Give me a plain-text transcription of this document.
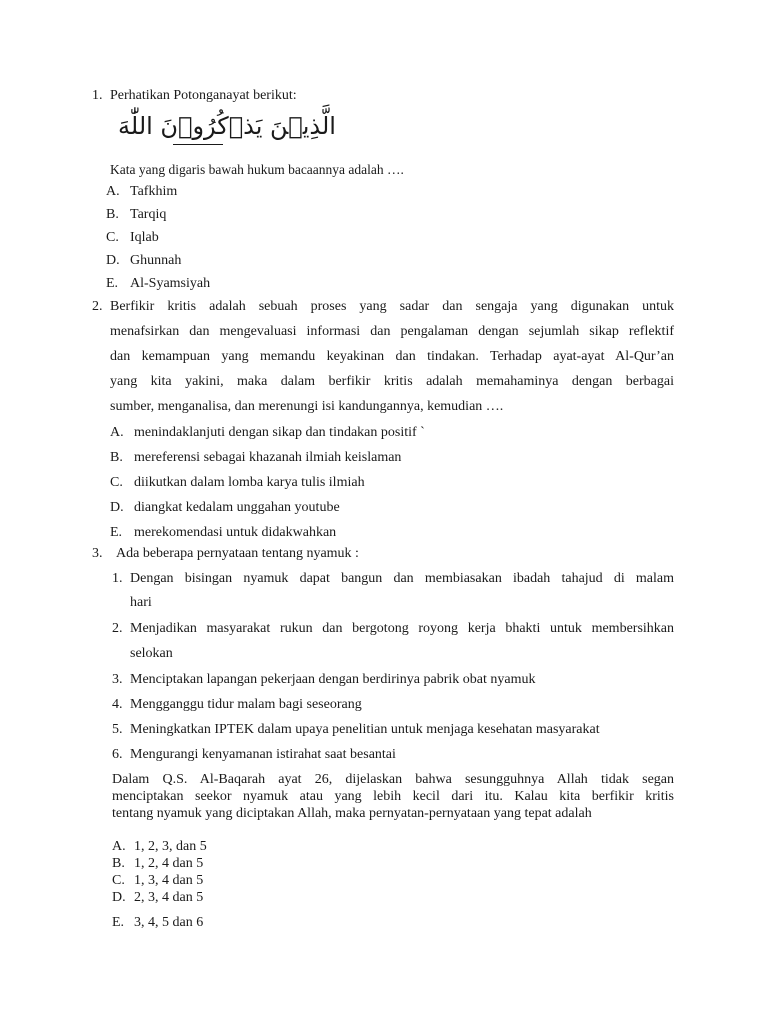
1. Perhatikan Potonganayat berikut:
الَّذِيۡنَ يَذۡكُرُوۡنَ اللّٰهَ
Kata yang digaris bawah hukum bacaannya adalah ….
A. Tafkhim
B. Tarqiq
C. Iqlab
D. Ghunnah
E. Al-Syamsiyah
2. Berfikir kritis adalah sebuah proses yang sadar dan sengaja yang digunakan untuk
menafsirkan dan mengevaluasi informasi dan pengalaman dengan sejumlah sikap reflektif
dan kemampuan yang memandu keyakinan dan tindakan. Terhadap ayat-ayat Al-Qur’an
yang kita yakini, maka dalam berfikir kritis adalah memahaminya dengan berbagai
sumber, menganalisa, dan merenungi isi kandungannya, kemudian ….
A. menindaklanjuti dengan sikap dan tindakan positif `
B. mereferensi sebagai khazanah ilmiah keislaman
C. diikutkan dalam lomba karya tulis ilmiah
D. diangkat kedalam unggahan youtube
E. merekomendasi untuk didakwahkan
3. Ada beberapa pernyataan tentang nyamuk :
1. Dengan bisingan nyamuk dapat bangun dan membiasakan ibadah tahajud di malam
hari
2. Menjadikan masyarakat rukun dan bergotong royong kerja bhakti untuk membersihkan
selokan
3. Menciptakan lapangan pekerjaan dengan berdirinya pabrik obat nyamuk
4. Mengganggu tidur malam bagi seseorang
5. Meningkatkan IPTEK dalam upaya penelitian untuk menjaga kesehatan masyarakat
6. Mengurangi kenyamanan istirahat saat besantai
Dalam Q.S. Al-Baqarah ayat 26, dijelaskan bahwa sesungguhnya Allah tidak segan
menciptakan seekor nyamuk atau yang lebih kecil dari itu. Kalau kita berfikir kritis
tentang nyamuk yang diciptakan Allah, maka pernyatan-pernyataan yang tepat adalah
A. 1, 2, 3, dan 5
B. 1, 2, 4 dan 5
C. 1, 3, 4 dan 5
D. 2, 3, 4 dan 5
E. 3, 4, 5 dan 6
